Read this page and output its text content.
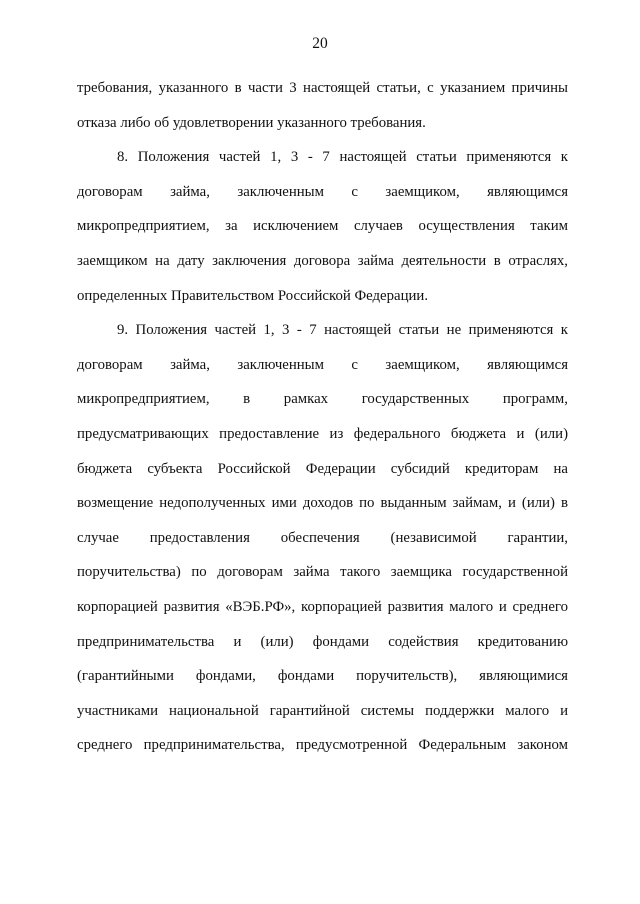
20
требования, указанного в части 3 настоящей статьи, с указанием причины
отказа либо об удовлетворении указанного требования.
8. Положения частей 1, 3 - 7 настоящей статьи применяются к
договорам займа, заключенным с заемщиком, являющимся
микропредприятием, за исключением случаев осуществления таким
заемщиком на дату заключения договора займа деятельности в отраслях,
определенных Правительством Российской Федерации.
9. Положения частей 1, 3 - 7 настоящей статьи не применяются к
договорам займа, заключенным с заемщиком, являющимся
микропредприятием, в рамках государственных программ,
предусматривающих предоставление из федерального бюджета и (или)
бюджета субъекта Российской Федерации субсидий кредиторам на
возмещение недополученных ими доходов по выданным займам, и (или) в
случае предоставления обеспечения (независимой гарантии,
поручительства) по договорам займа такого заемщика государственной
корпорацией развития «ВЭБ.РФ», корпорацией развития малого и среднего
предпринимательства и (или) фондами содействия кредитованию
(гарантийными фондами, фондами поручительств), являющимися
участниками национальной гарантийной системы поддержки малого и
среднего предпринимательства, предусмотренной Федеральным законом
